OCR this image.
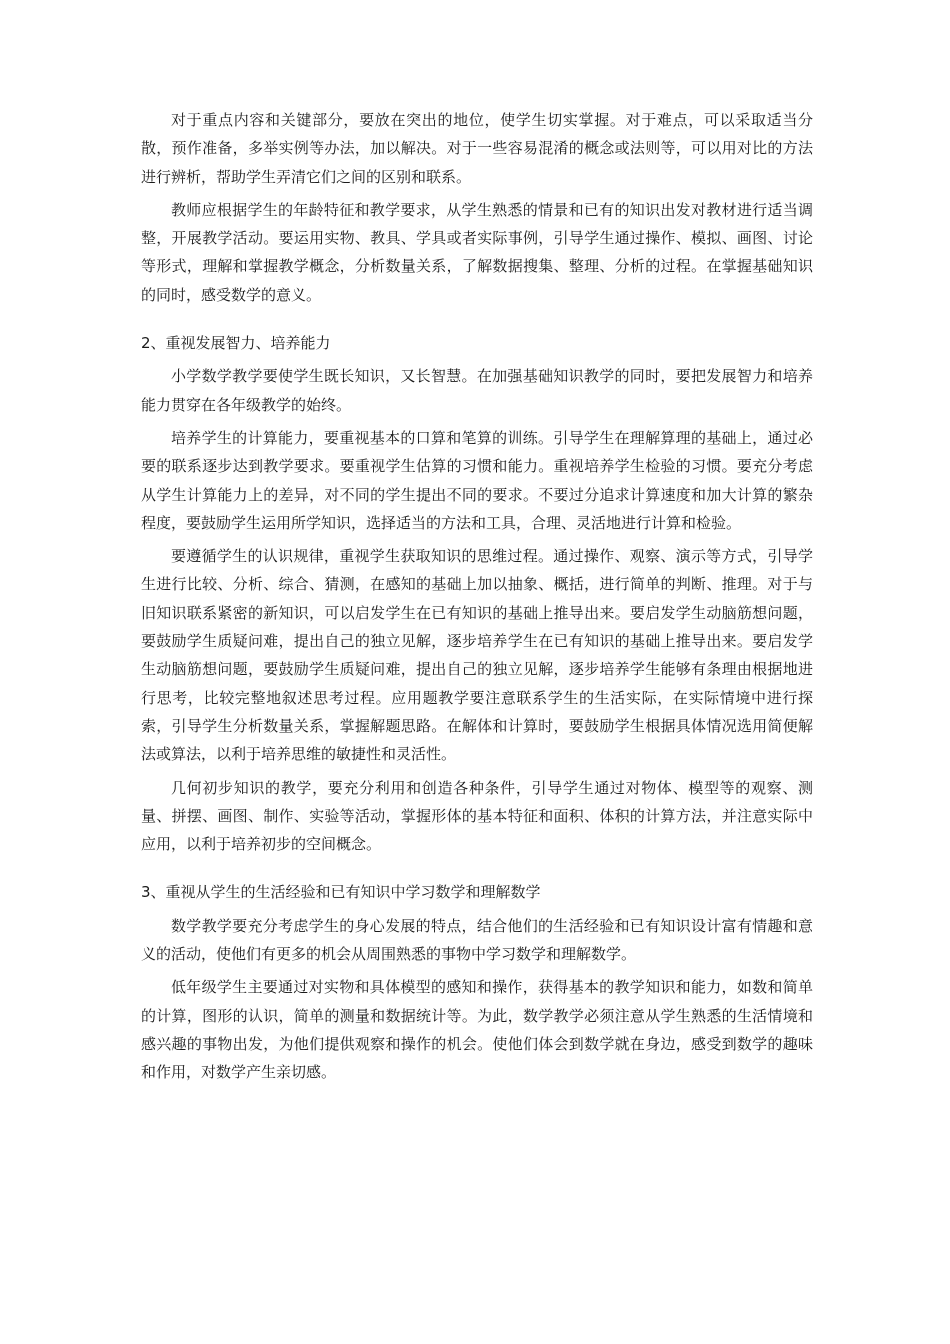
对于重点内容和关键部分，要放在突出的地位，使学生切实掌握。对于难点，可以采取适当分散，预作准备，多举实例等办法，加以解决。对于一些容易混淆的概念或法则等，可以用对比的方法进行辨析，帮助学生弄清它们之间的区别和联系。

教师应根据学生的年龄特征和教学要求，从学生熟悉的情景和已有的知识出发对教材进行适当调整，开展教学活动。要运用实物、教具、学具或者实际事例，引导学生通过操作、模拟、画图、讨论等形式，理解和掌握教学概念，分析数量关系，了解数据搜集、整理、分析的过程。在掌握基础知识的同时，感受数学的意义。

2、重视发展智力、培养能力

小学数学教学要使学生既长知识，又长智慧。在加强基础知识教学的同时，要把发展智力和培养能力贯穿在各年级教学的始终。

培养学生的计算能力，要重视基本的口算和笔算的训练。引导学生在理解算理的基础上，通过必要的联系逐步达到教学要求。要重视学生估算的习惯和能力。重视培养学生检验的习惯。要充分考虑从学生计算能力上的差异，对不同的学生提出不同的要求。不要过分追求计算速度和加大计算的繁杂程度，要鼓励学生运用所学知识，选择适当的方法和工具，合理、灵活地进行计算和检验。

要遵循学生的认识规律，重视学生获取知识的思维过程。通过操作、观察、演示等方式，引导学生进行比较、分析、综合、猜测，在感知的基础上加以抽象、概括，进行简单的判断、推理。对于与旧知识联系紧密的新知识，可以启发学生在已有知识的基础上推导出来。要启发学生动脑筋想问题，要鼓励学生质疑问难，提出自己的独立见解，逐步培养学生在已有知识的基础上推导出来。要启发学生动脑筋想问题，要鼓励学生质疑问难，提出自己的独立见解，逐步培养学生能够有条理由根据地进行思考，比较完整地叙述思考过程。应用题教学要注意联系学生的生活实际，在实际情境中进行探索，引导学生分析数量关系，掌握解题思路。在解体和计算时，要鼓励学生根据具体情况选用简便解法或算法，以利于培养思维的敏捷性和灵活性。

几何初步知识的教学，要充分利用和创造各种条件，引导学生通过对物体、模型等的观察、测量、拼摆、画图、制作、实验等活动，掌握形体的基本特征和面积、体积的计算方法，并注意实际中应用，以利于培养初步的空间概念。

3、重视从学生的生活经验和已有知识中学习数学和理解数学

数学教学要充分考虑学生的身心发展的特点，结合他们的生活经验和已有知识设计富有情趣和意义的活动，使他们有更多的机会从周围熟悉的事物中学习数学和理解数学。

低年级学生主要通过对实物和具体模型的感知和操作，获得基本的教学知识和能力，如数和简单的计算，图形的认识，简单的测量和数据统计等。为此，数学教学必须注意从学生熟悉的生活情境和感兴趣的事物出发，为他们提供观察和操作的机会。使他们体会到数学就在身边，感受到数学的趣味和作用，对数学产生亲切感。
